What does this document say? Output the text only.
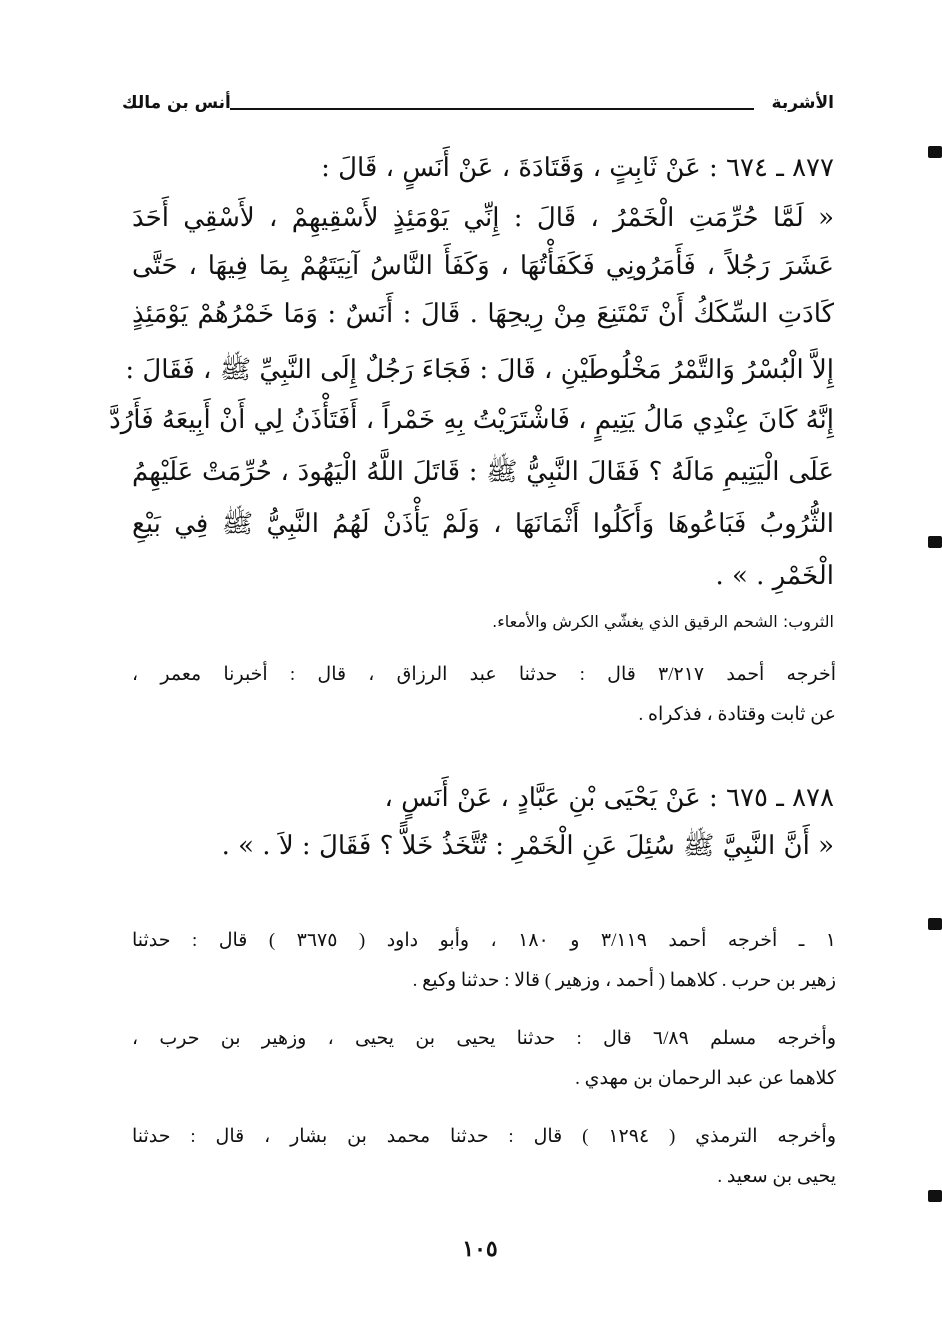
الأشربة
أنس بن مالك
٨٧٧ ـ ٦٧٤ : عَنْ ثَابِتٍ ، وَقَتَادَةَ ، عَنْ أَنَسٍ ، قَالَ :
« لَمَّا حُرِّمَتِ الْخَمْرُ ، قَالَ : إِنِّي يَوْمَئِذٍ لأَسْقِيهِمْ ، لأَسْقِي أَحَدَ
عَشَرَ رَجُلاً ، فَأَمَرُونِي فَكَفَأْتُهَا ، وَكَفَأَ النَّاسُ آنِيَتَهُمْ بِمَا فِيهَا ، حَتَّى
كَادَتِ السِّكَكُ أَنْ تَمْتَنِعَ مِنْ رِيحِهَا . قَالَ : أَنَسٌ : وَمَا خَمْرُهُمْ يَوْمَئِذٍ
إِلاَّ الْبُسْرُ وَالتَّمْرُ مَخْلُوطَيْنِ ، قَالَ : فَجَاءَ رَجُلٌ إِلَى النَّبِيِّ ﷺ ، فَقَالَ :
إِنَّهُ كَانَ عِنْدِي مَالُ يَتِيمٍ ، فَاشْتَرَيْتُ بِهِ خَمْراً ، أَفَتَأْذَنُ لِي أَنْ أَبِيعَهُ فَأَرُدَّ
عَلَى الْيَتِيمِ مَالَهُ ؟ فَقَالَ النَّبِيُّ ﷺ : قَاتَلَ اللَّهُ الْيَهُودَ ، حُرِّمَتْ عَلَيْهِمُ
الثُّرُوبُ فَبَاعُوهَا وَأَكَلُوا أَثْمَانَهَا ، وَلَمْ يَأْذَنْ لَهُمُ النَّبِيُّ ﷺ فِي بَيْعِ
الْخَمْرِ . » .
الثروب: الشحم الرقيق الذي يغشّي الكرش والأمعاء.
أخرجه أحمد ٣/٢١٧ قال : حدثنا عبد الرزاق ، قال : أخبرنا معمر ،
عن ثابت وقتادة ، فذكراه .
٨٧٨ ـ ٦٧٥ : عَنْ يَحْيَى بْنِ عَبَّادٍ ، عَنْ أَنَسٍ ،
« أَنَّ النَّبِيَّ ﷺ سُئِلَ عَنِ الْخَمْرِ : تُتَّخَذُ خَلاًّ ؟ فَقَالَ : لاَ . » .
١ ـ أخرجه أحمد ٣/١١٩ و ١٨٠ ، وأبو داود ( ٣٦٧٥ ) قال : حدثنا
زهير بن حرب . كلاهما ( أحمد ، وزهير ) قالا : حدثنا وكيع .
وأخرجه مسلم ٦/٨٩ قال : حدثنا يحيى بن يحيى ، وزهير بن حرب ،
كلاهما عن عبد الرحمان بن مهدي .
وأخرجه الترمذي ( ١٢٩٤ ) قال : حدثنا محمد بن بشار ، قال : حدثنا
يحيى بن سعيد .
١٠٥
